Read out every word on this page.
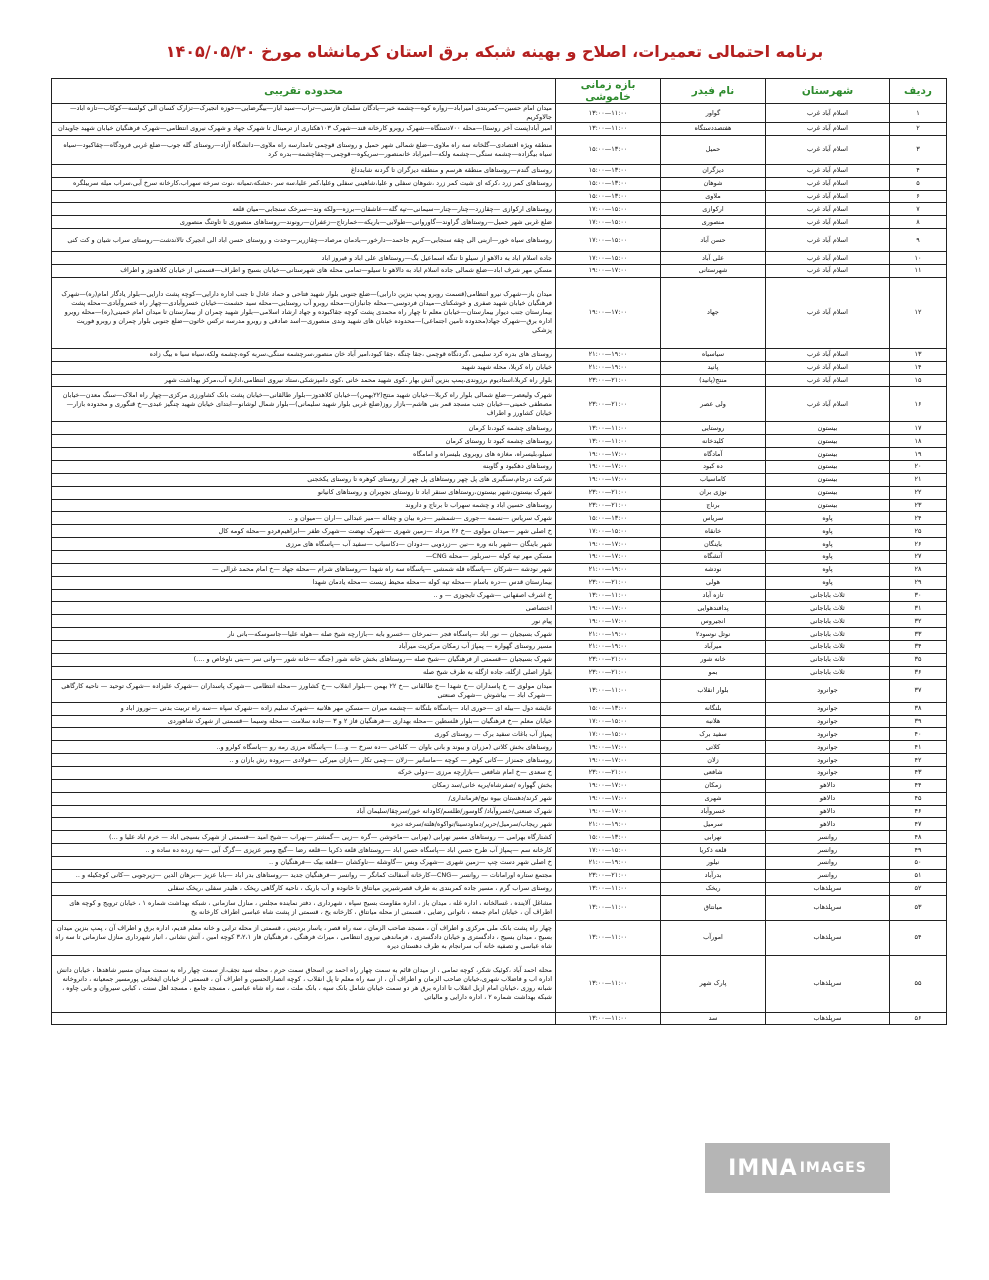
برنامه احتمالی تعمیرات، اصلاح و بهینه شبکه برق استان کرمانشاه مورخ ۱۴۰۵/۰۵/۲۰
ردیف	شهرستان	نام فیدر	بازه زمانی خاموشی	محدوده تقریبی
۱	اسلام آباد غرب	گواور	۱۱:۰۰—۱۳:۰۰	میدان امام حسین—کمربندی امیراباد—زواره کوه—چشمه خیر—یادگان سلمان فارسی—تراب—سید ایاز—بیگرضایی—حوزه انجیرک—تزارک کسان الی کولسه—کوکاب—تازه اباد—جالاوکریم
۲	اسلام آباد غرب	هفتصددستگاه	۱۱:۰۰—۱۳:۰۰	امیر آباد(پست آخر روستا)—محله ۷۰۰دستگاه—شهرک روبرو کارخانه قند—شهرک ۱۰۳هکتاری از ترمینال تا شهرک جهاد و شهرک نیروی انتظامی—شهرک فرهنگیان خیابان شهید جاویدان
۳	اسلام آباد غرب	حمیل	۱۳:۰۰—۱۵:۰۰	منطقه ویژه اقتصادی—گلخانه سه راه ملاوی—ضلع شمالی شهر حمیل و روستای قوچمی تامدارسه راه ملاوی—دانشگاه آزاد—روستای گله جوب—ضلع غربی فرودگاه—چقاکبود—سیاه سیاه بیگزاده—چشمه سنگی—چشمه ولکه—امیراباد خانمنصور—سریکوه—قوچمی—چقاچشمه—بدره کرد
۴	اسلام آباد غرب	دیزگران	۱۳:۰۰—۱۵:۰۰	روستای گندم—روستاهای منطقه هرسم و منطقه دیزگران تا گردنه شابدداغ
۵	اسلام آباد غرب	شوهان	۱۳:۰۰—۱۵:۰۰	روستاهای کمر زرد ،کرکه ای شیت کمر زرد ،شوهان سفلی و علیا،شاهینی سفلی وعلیا،کمر علیا،سه سر ،حشکه،تمیانه ،نوت سرخه سهراب،کارخانه سرخ آبی،سراب میله سربیلگره
۶	اسلام آباد غرب	ملاوی	۱۳:۰۰—۱۵:۰۰	
۷	اسلام آباد غرب	ارکوازی	۱۵:۰۰—۱۷:۰۰	روستاهای ارکوازی —چقازرد—چنار—چنار—سیمانی—تپه گله—عاشقان—برزه—ولکه وند—سرخک سنجابی—میان قلعه
۸	اسلام آباد غرب	منصوری	۱۵:۰۰—۱۷:۰۰	ضلع غربی شهر حمیل—روستاهای گراوند—گاوروانی—طولابی—باریکه—خمارتاج—زعفران—رونوند—روستاهای منصوری تا تاوتنگ منصوری
۹	اسلام آباد غرب	حسن آباد	۱۵:۰۰—۱۷:۰۰	روستاهای سیاه خور—ازبنی الی چقه سنجابی—کریم جاحمد—دارخور—بادمان مرصاد—چقازریر—وحدت و روستای حسن اباد الی انجیرک تالاندشت—روستای سراب شیان و کت کنی
۱۰	اسلام آباد غرب	علی آباد	۱۵:۰۰—۱۷:۰۰	جاده اسلام اباد به دالاهو از سیلو تا تنگه اسماعیل بگ—روستاهای علی اباد و فیروز اباد
۱۱	اسلام آباد غرب	شهرستانی	۱۷:۰۰—۱۹:۰۰	مسکن مهر شرف اباد—ضلع شمالی جاده اسلام اباد به دالاهو تا سیلو—تمامی محله های شهرستانی—خیابان بسیج و اطراف—قسمتی از خیابان کلاهدوز و اطراف
۱۲	اسلام آباد غرب	جهاد	۱۷:۰۰—۱۹:۰۰	میدان باز—شهرک نیرو انتظامی(قسمت روبرو پمپ بنزین دارابی)—ضلع جنوبی بلوار شهید فتاحی و حماد عادل تا جنب اداره دارایی—کوچه پشت دارایی—بلوار یادگار امام(ره)—شهرک فرهنگیان خیابان شهید صفری و خوشکنای—میدان فردوسی—محله جانبازان—محله روبرو آب روستایی—محله سید حشمت—خیابان خسروآبادی—چهار راه خسروآبادی—محله پشت بیمارستان جنب دیوار بیمارستان—خیابان معلم تا چهار راه محمدی پشت کوچه جقاکبوده و جهاد ارشاد اسلامی—بلوار شهید چمران از بیمارستان تا میدان امام خمینی(ره)—محله روبرو اداره برق—شهرک جهاد(محدوده تامین اجتماعی)—محدوده خیابان های شهید وندی منصوری—اسد صادقی و روبرو مدرسه ترکس خاتون—ضلع جنوبی بلوار چمران و روبرو فوریت پزشکی
۱۳	اسلام آباد غرب	سیاسیاه	۱۹:۰۰—۲۱:۰۰	روستای های بدره کرد سلیمی ،گردنگاه قوچمی ،جقا چنگه ،جقا کبود،امیر آباد خان منصور،سرچشمه سنگی،سربه کوه،چشمه ولکه،سیاه سیا ه بیگ زاده
۱۴	اسلام آباد غرب	پانید	۱۹:۰۰—۲۱:۰۰	خیابان راه کربلا، محله شهید شهید
۱۵	اسلام آباد غرب	منتج(پانید)	۲۱:۰۰—۲۳:۰۰	بلوار راه کربلا،استادیوم برزوندی،پمپ بنزین آتش بهار ،کوی شهید محمد خانی ،کوی دامپزشکی،ستاد نیروی انتظامی،اداره آب،مرکز بهداشت شهر
۱۶	اسلام آباد غرب	ولی عصر	۲۱:۰۰—۲۳:۰۰	شهرک ولیعصر—ضلع شمالی بلوار راه کربلا—خیابان شهید منتج(۲۲بهمن)—خیابان کلاهدوز—بلوار طالقانی—خیابان پشت بانک کشاورزی مرکزی—چهار راه املاک—سنگ معدن—خیابان مصطفی خمینی—خیابان جنب مسجد قمر بنی هاشم—بازار روز(ضلع غربی بلوار شهید سلیمانی)—بلوار شمال لوشانو—ابتدای خیابان شهید چنگیز عبدی—خ قنگوری و محدوده بازار—خیابان کشاورز و اطراف
۱۷	بیستون	روستایی	۱۱:۰۰—۱۳:۰۰	روستاهای چشمه کبود،تا کرمان
۱۸	بیستون	کلیدخانه	۱۱:۰۰—۱۳:۰۰	روستاهای چشمه کبود تا روستای کرمان
۱۹	بیستون	آمادگاه	۱۷:۰۰—۱۹:۰۰	سیلو،بلیسراه، مغازه های روبروی بلیسراه و امامگاه
۲۰	بیستون	ده کبود	۱۷:۰۰—۱۹:۰۰	روستاهای دهکبود و گاوبنه
۲۱	بیستون	کاماسیاب	۱۷:۰۰—۱۹:۰۰	شرکت درجام،سنگبری های پل چهر روستاهای پل چهر از روستای کوهره تا روستای یکخجنی
۲۲	بیستون	نوژی بران	۲۱:۰۰—۲۳:۰۰	شهرک بیستون،شهر بیستون،روستاهای سنقر اباد تا روستای نجوبران و روستاهای کانیانو
۲۳	بیستون	برناج	۲۱:۰۰—۲۳:۰۰	روستاهای حسین اباد و چشمه سهراب تا برناج و داروند
۲۴	پاوه	سریاس	۱۳:۰۰—۱۵:۰۰	شهرک سریاس —نسمه —جوری —شمشیر —دره بیان و چغاله —میر عبدالی —اران —میوان و ..
۲۵	پاوه	خانقاه	۱۵:۰۰—۱۷:۰۰	خ اصلی شهر —میدان مولوی —خ ۲۶ مرداد —زمین شهری —شهرک نهضت —شهرک ظفر —ابراهیم‌فردو —محله کومه کال
۲۶	پاوه	باینگان	۱۷:۰۰—۱۹:۰۰	شهر باینگان —شهر بانه وره —نین —زردویی —دودان —دکاسیاب —سفید آب —پاسگاه های مرزی
۲۷	پاوه	آتشگاه	۱۷:۰۰—۱۹:۰۰	مسکن مهر تپه کوله —سربلور —محله CNG—
۲۸	پاوه	نودشه	۱۹:۰۰—۲۱:۰۰	شهر نودشه —شرکان —پاسگاه قله شمشی —پاسگاه سه راه شهدا —روستاهای شرام —محله جهاد —خ امام محمد غزالی —
۲۹	پاوه	هولی	۲۱:۰۰—۲۳:۰۰	بیمارستان قدس —دره باسام —محله تپه کوله —محله محیط زیست —محله یادمان شهدا
۳۰	ثلاث باباجانی	تازه آباد	۱۱:۰۰—۱۳:۰۰	خ اشرف اصفهانی —شهرک تایجوزی — و ..
۳۱	ثلاث باباجانی	پدافندهوایی	۱۷:۰۰—۱۹:۰۰	اختصاصی
۳۲	ثلاث باباجانی	انجیروس	۱۷:۰۰—۱۹:۰۰	پیام نور
۳۳	ثلاث باباجانی	نوتل نوسود۲	۱۹:۰۰—۲۱:۰۰	شهرک بسیجیان — نور اباد —پاسگاه فجر —نمرخان —خسرو بابه —بازارچه شیخ صله —هوله علیا—جاسوسکه—بانی نار
۳۴	ثلاث باباجانی	میرآباد	۱۹:۰۰—۲۱:۰۰	مسیر روستای گهواره — پمپاژ آب زمکان مرکزیت میرآباد
۳۵	ثلاث باباجانی	خانه شور	۲۱:۰۰—۲۳:۰۰	شهرک بسیجیان —قسمتی از فرهنگیان —شیخ صله —روستاهای بخش خانه شور (جنگه —خانه شور —وانی سر —بنی ناوخاص و ....)
۳۶	ثلاث باباجانی	بمو	۲۱:۰۰—۲۳:۰۰	بلوار اصلی ازگله، جاده ازگله به طرف شیخ صله
۳۷	جوانرود	بلوار انقلاب	۱۱:۰۰—۱۳:۰۰	میدان مولوی — خ پاسداران —خ شهدا —خ طالقانی —خ ۲۲ بهمن —بلوار انقلاب —خ کشاورز —محله انتظامی —شهرک پاسداران —شهرک علیزاده —شهرک توحید — ناحیه کارگاهی —شهرک اباد — بیاشوش —شهرک صنعتی
۳۸	جوانرود	بلنگانه	۱۳:۰۰—۱۵:۰۰	عایشه دول —بیله ای —حوری اباد —پاسگاه بلنگانه —چشمه میران —مسکن مهر هلانبه —شهرک سلیم زاده —شهرک سپاه —سه راه تربیت بدنی —نوروز اباد و
۳۹	جوانرود	هلانبه	۱۵:۰۰—۱۷:۰۰	خیابان معلم —خ فرهنگیان —بلوار فلسطین —محله بهداری —فرهنگیان فاز ۲ و ۳ —جاده سلامت —محله وسیما —قسمتی از شهرک شاهوردی
۴۰	جوانرود	سفید برک	۱۵:۰۰—۱۷:۰۰	پمپاژ آب باغات سفید برک — روستای کوری
۴۱	جوانرود	کلاتی	۱۷:۰۰—۱۹:۰۰	روستاهای بخش کلاتی (مزران و بیوند و بانی باوان — کلیاخی —ده سرخ — و....) —پاسگاه مرزی رمه رو —پاسگاه کولرو و..
۴۲	جوانرود	زلان	۱۷:۰۰—۱۹:۰۰	روستاهای جمنزار —کانی کوهر — کوچه —ماسانیر —زلان —چمی تکار —بازان میرکی —فولادی —بروده رش بازان و ..
۴۳	جوانرود	شافعی	۲۱:۰۰—۲۳:۰۰	خ سعدی —خ امام شافعی —بازارچه مرزی —دولی خرکه
۴۴	دالاهو	زمکان	۱۷:۰۰—۱۹:۰۰	بخش گهواره /صفرشاه/بریه خانی/سد زمکان
۴۵	دالاهو	شهری	۱۷:۰۰—۱۹:۰۰	شهر کرند/دهستان بیوه نیج/فرمانداری/
۴۶	دالاهو	خسروآباد	۱۷:۰۰—۱۹:۰۰	شهرک صنعتی/خسروآباد/ گاوسور/طلسم/کاودانه خور/سرچقا/سلیمان آباد
۴۷	دالاهو	سرمیل	۱۹:۰۰—۲۱:۰۰	شهر ریجاب/سرمیل/حریر/دماودسینا/نواکوه/هلته/سرخه دیزه
۴۸	روانسر	نهرابی	۱۳:۰۰—۱۵:۰۰	کشتارگاه بهرامی — روستاهای مسیر نهرابی (نهرابی —ماخوشن —گره —زیی —گمشتر —نهراب —شیخ امید —قسمتی از شهرک بسیجی اباد — خرم اباد علیا و ...)
۴۹	روانسر	قلعه ذکریا	۱۵:۰۰—۱۷:۰۰	کارخانه سم —پمپاژ آب طرح حسن اباد —پاسگاه حسن اباد —روستاهای قلعه ذکریا —قلعه رضا —گیچ ومیر عزیزی —گرگ آبی —تپه زرده ده ساده و ..
۵۰	روانسر	نیلور	۱۹:۰۰—۲۱:۰۰	خ اصلی شهر دست چپ —زمین شهری —شهرک وبس —گاوشله —ناوکشان —قلعه بیک —فرهنگیان و ..
۵۱	روانسر	بدرآباد	۲۱:۰۰—۲۳:۰۰	مجتمع ستاره اورامانات — روانسر —CNG—کارخانه آسفالت کمانگر — روانسر —فرهنگیان جدید —روستاهای بدر اباد —بابا عزیز —برهان الدین —زیرجوبی —کانی کوجکیله و ..
۵۲	سرپلذهاب	ریخک	۱۱:۰۰—۱۳:۰۰	روستای سراب گرم ، مسیر جاده کمربندی به طرف قصرشیرین میانتاق تا خانوده و آب باریک ، ناحیه کارگاهی ریخک ، هلیدر سفلی ،ریخک سفلی
۵۳	سرپلذهاب	میانتاق	۱۱:۰۰—۱۳:۰۰	مشاغل آلاینده ، غسالخانه ، اداره غله ، میدان باز ، اداره مقاومت بسیج سپاه ، شهرداری ، دفتر نماینده مجلس ، منازل سازمانی ، شبکه بهداشت شماره ۱ ، خیابان ترویج و کوچه های اطراف آن ، خیابان امام جمعه ، ناتوانی رضایی ، قسمتی از محله میانتاق ، کارخانه یخ ، قسمتی از پشت شاه عباسی اطراف کارخانه یخ
۵۴	سرپلذهاب	امورآب	۱۱:۰۰—۱۳:۰۰	چهار راه پشت بانک ملی مرکزی و اطراف آن ، مسجد صاحب الزمان ، سه راه قصر ، یاسار بردیس ، قسمتی از محله ترابی و خانه معلم قدیم، اداره برق و اطراف آن ، پمپ بنزین میدان بسیج ، میدان بسیج ، دادگستری و خیابان دادگستری ، فرماندهی نیروی انتظامی ، میراث فرهنگی ، فرهنگیان فاز ۳،۲،۱ کوچه امین ، آتش نشانی ، انبار شهرداری منازل سازمانی تا سه راه شاه عباسی و تصفیه خانه آب سرانجام به طرف دهستان دیره
۵۵	سرپلذهاب	پارک شهر	۱۱:۰۰—۱۳:۰۰	محله احمد آباد ،کوئیک شکر، کوچه تمامی ، از میدان قائم به سمت چهار راه احمد بن اسحاق سمت حرم ، محله سید نجف،از سمت چهار راه به سمت میدان مسیر شاهدها ، خیابان دانش اداره اب و فاضلاب شهری،خیابان صاحب الزمان و اطراف آن ، از سه راه معلم تا پل انقلاب ، کوچه انصارالحسین و اطراف آن ، قسمتی از خیابان ایفخانی پورمسیر جمعیانه ، دانروخانه شبانه روزی ،خیابان امام ازبل انقلاب تا اداره برق هر دو سمت خیابان شامل بانک سپه ، بانک ملت ، سه راه شاه عباسی ، مسجد جامع ، مسجد اهل سنت ، کبابی سیروان و بانی چاوه ، شبکه بهداشت شماره ۲ ، اداره دارایی و مالیاتی
۵۶	سرپلذهاب	سد	۱۱:۰۰—۱۳:۰۰	
IMNA IMAGES
